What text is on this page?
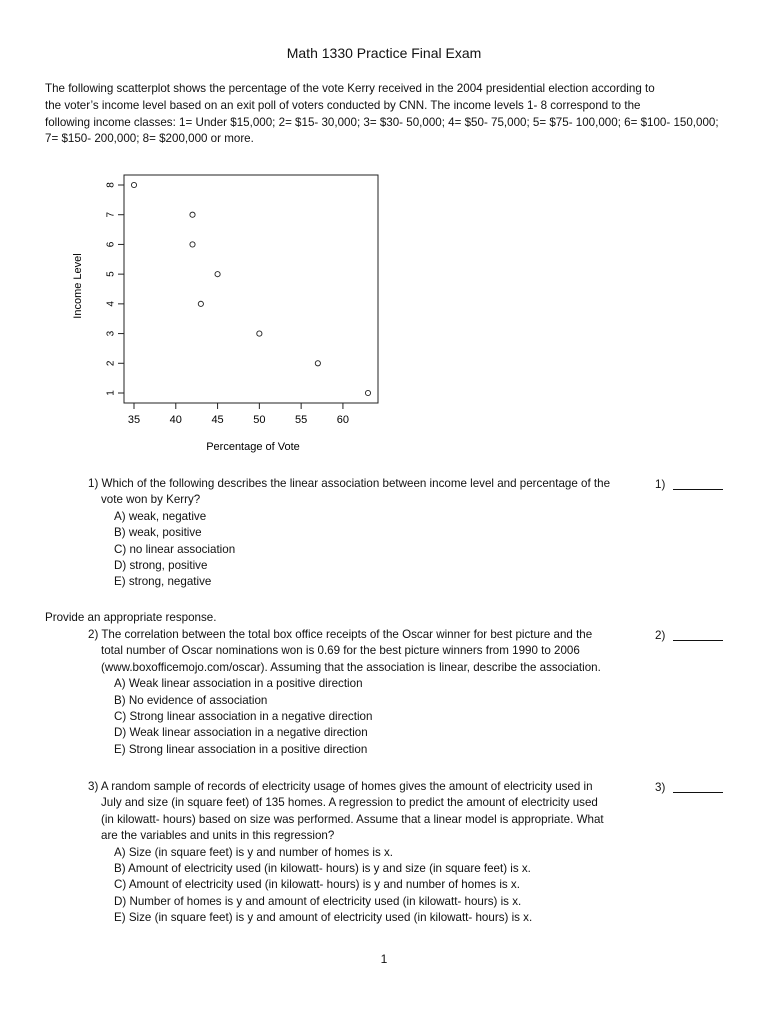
Math 1330 Practice Final Exam

The following scatterplot shows the percentage of the vote Kerry received in the 2004 presidential election according to

the voter’s income level based on an exit poll of voters conducted by CNN. The income levels 1- 8 correspond to the

following income classes: 1= Under $15,000; 2= $15- 30,000; 3= $30- 50,000; 4= $50- 75,000; 5= $75- 100,000; 6= $100- 150,000;

7= $150- 200,000; 8= $200,000 or more.

35	40	45	50	55	60
1
2
3
4
5
6
7
8
Percentage of Vote
Income Level

1) Which of the following describes the linear association between income level and percentage of the
vote won by Kerry?

A) weak, negative
B) weak, positive
C) no linear association
D) strong, positive
E) strong, negative
1)
Provide an appropriate response.

2) The correlation between the total box office receipts of the Oscar winner for best picture and the
total number of Oscar nominations won is 0.69 for the best picture winners from 1990 to 2006
(www.boxofficemojo.com/oscar). Assuming that the association is linear, describe the association.

A) Weak linear association in a positive direction
B) No evidence of association
C) Strong linear association in a negative direction
D) Weak linear association in a negative direction
E) Strong linear association in a positive direction
2)

3) A random sample of records of electricity usage of homes gives the amount of electricity used in
July and size (in square feet) of 135 homes. A regression to predict the amount of electricity used
(in kilowatt- hours) based on size was performed. Assume that a linear model is appropriate. What
are the variables and units in this regression?

A) Size (in square feet) is y and number of homes is x.
B) Amount of electricity used (in kilowatt- hours) is y and size (in square feet) is x.
C) Amount of electricity used (in kilowatt- hours) is y and number of homes is x.
D) Number of homes is y and amount of electricity used (in kilowatt- hours) is x.
E) Size (in square feet) is y and amount of electricity used (in kilowatt- hours) is x.
3)
1
